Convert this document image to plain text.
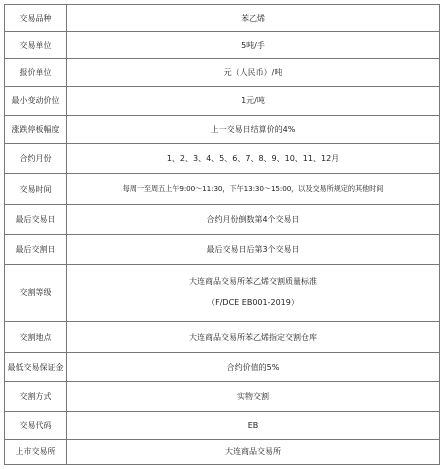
交易品种	苯乙烯
交易单位	5吨/手
报价单位	元（人民币）/吨
最小变动价位	1元/吨
涨跌停板幅度	上一交易日结算价的4%
合约月份	1、2、3、4、5、6、7、8、9、10、11、12月
交易时间	每周一至周五上午9:00～11:30，下午13:30～15:00，以及交易所规定的其他时间
最后交易日	合约月份倒数第4个交易日
最后交割日	最后交易日后第3个交易日
交割等级	大连商品交易所苯乙烯交割质量标准
（F/DCE EB001-2019）

交割地点	大连商品交易所苯乙烯指定交割仓库
最低交易保证金	合约价值的5%
交割方式	实物交割
交易代码	EB
上市交易所	大连商品交易所
